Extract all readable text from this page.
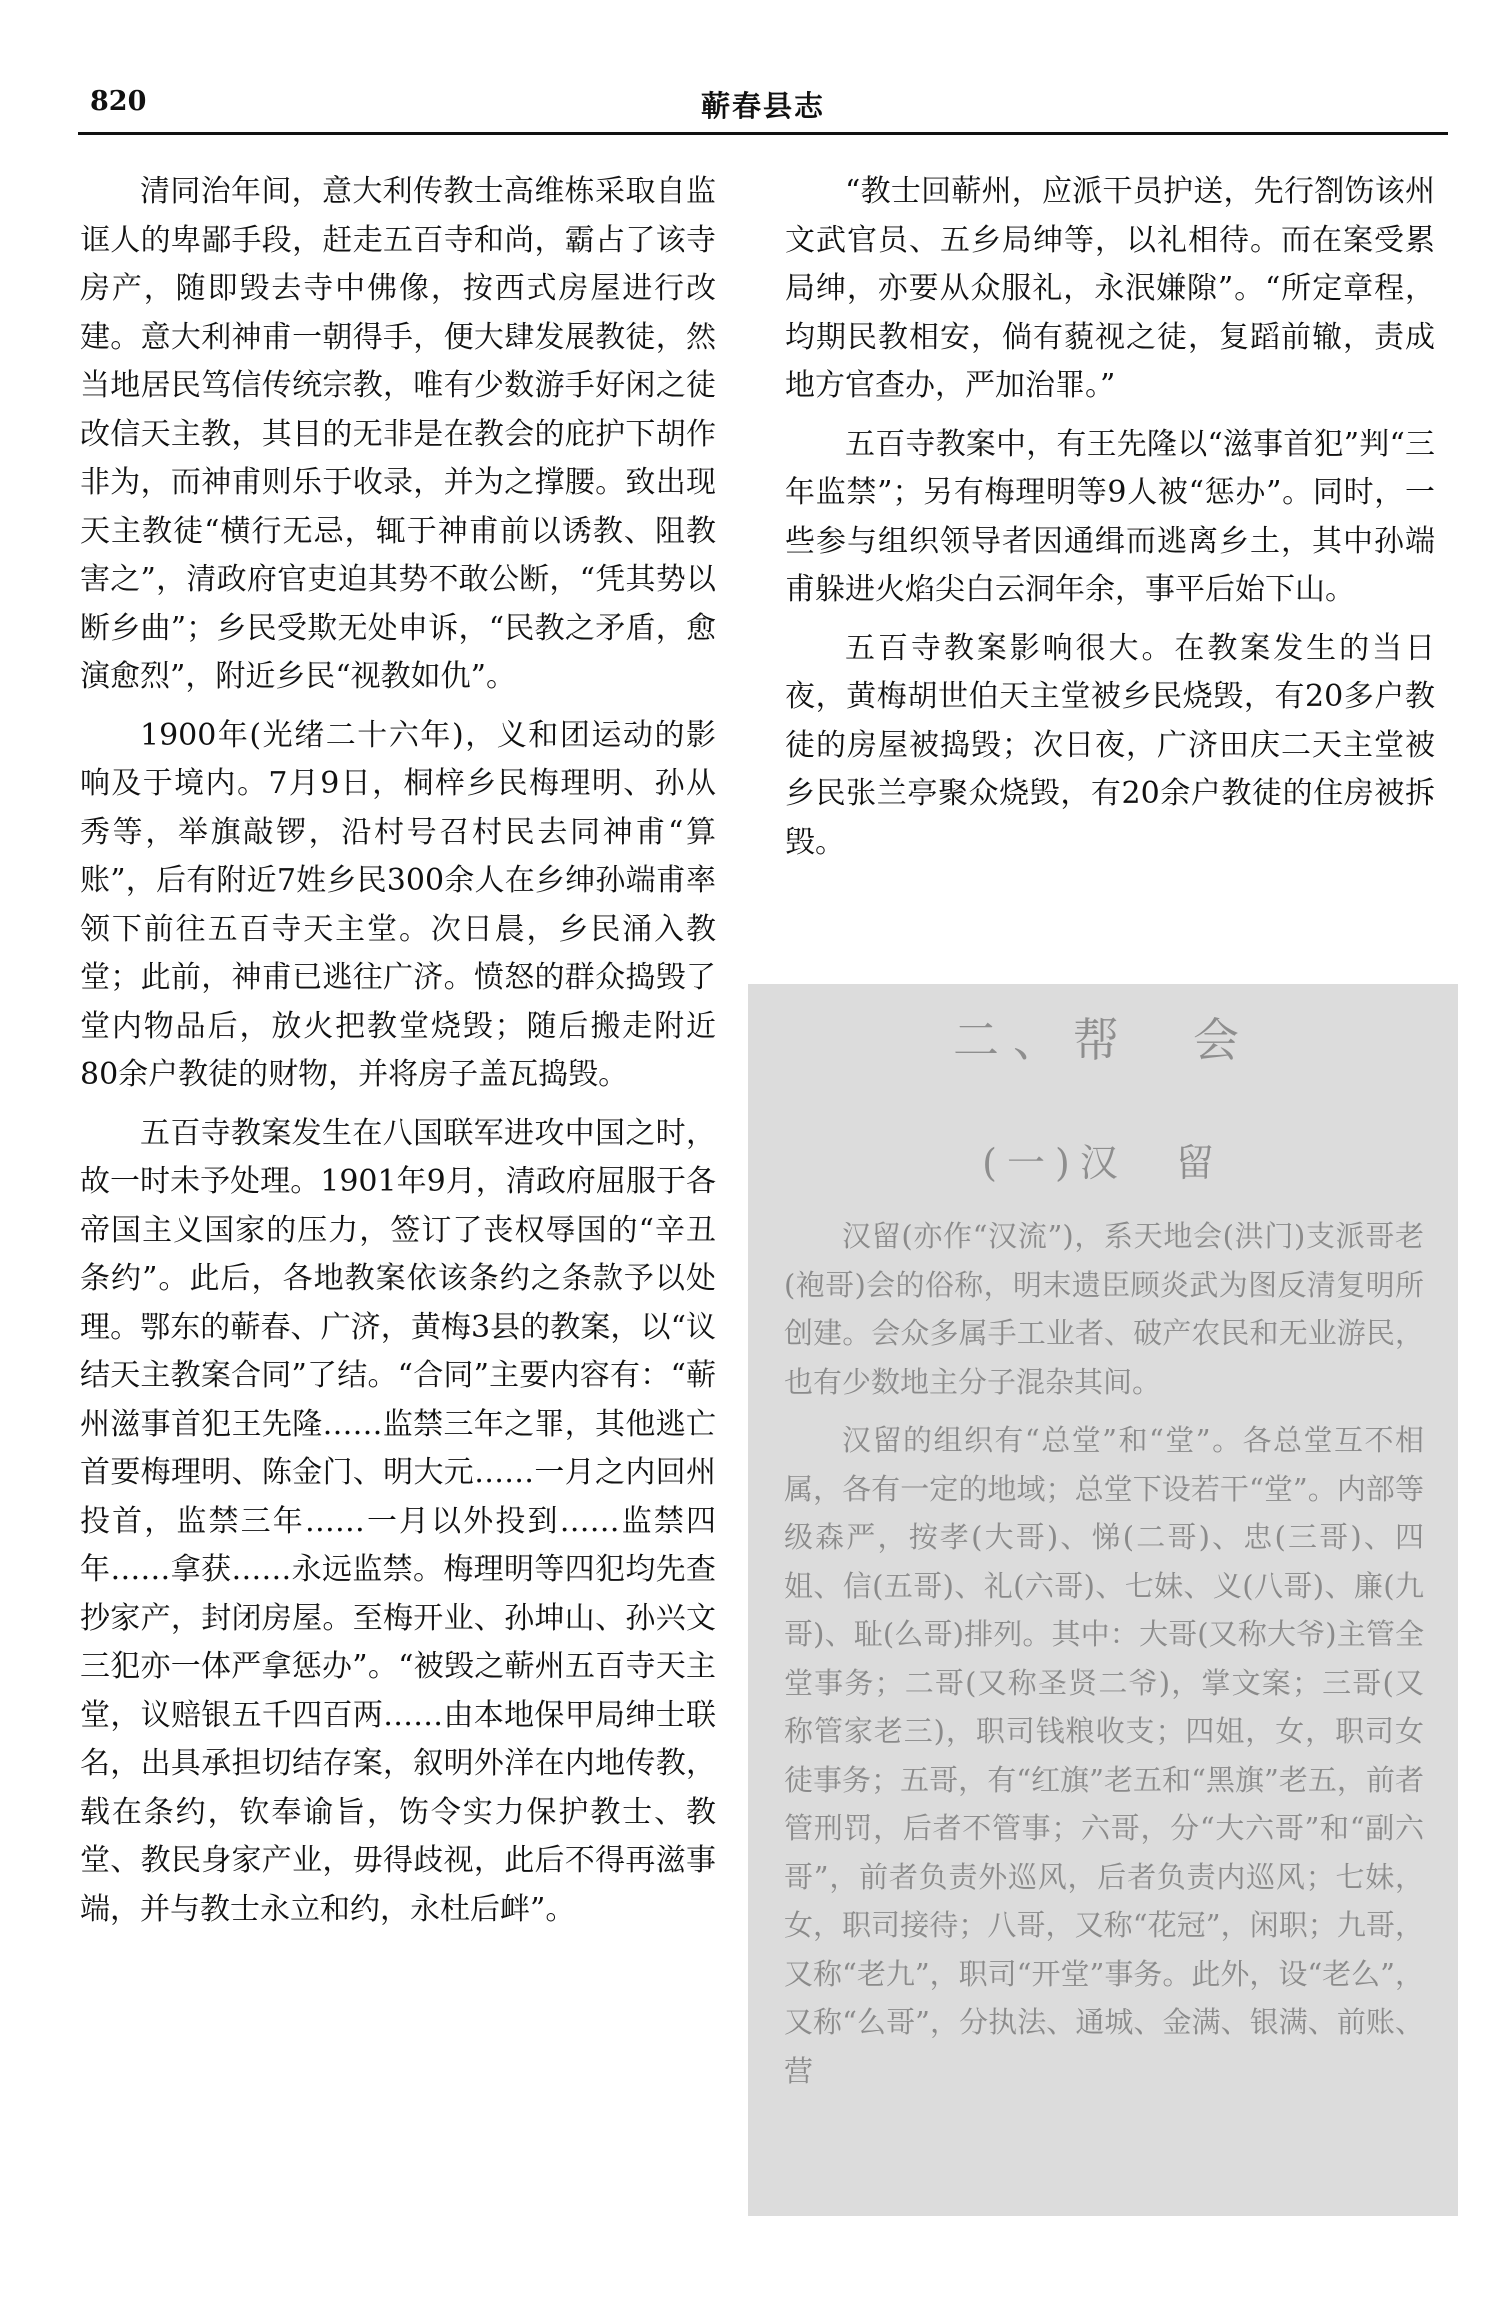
820	蕲春县志

清同治年间，意大利传教士高维栋采取自监诓人的卑鄙手段，赶走五百寺和尚，霸占了该寺房产，随即毁去寺中佛像，按西式房屋进行改建。意大利神甫一朝得手，便大肆发展教徒，然当地居民笃信传统宗教，唯有少数游手好闲之徒改信天主教，其目的无非是在教会的庇护下胡作非为，而神甫则乐于收录，并为之撑腰。致出现天主教徒“横行无忌，辄于神甫前以诱教、阻教害之”，清政府官吏迫其势不敢公断，“凭其势以断乡曲”；乡民受欺无处申诉，“民教之矛盾，愈演愈烈”，附近乡民“视教如仇”。

1900年(光绪二十六年)，义和团运动的影响及于境内。7月9日，桐梓乡民梅理明、孙从秀等，举旗敲锣，沿村号召村民去同神甫“算账”，后有附近7姓乡民300余人在乡绅孙端甫率领下前往五百寺天主堂。次日晨，乡民涌入教堂；此前，神甫已逃往广济。愤怒的群众捣毁了堂内物品后，放火把教堂烧毁；随后搬走附近80余户教徒的财物，并将房子盖瓦捣毁。

五百寺教案发生在八国联军进攻中国之时，故一时未予处理。1901年9月，清政府屈服于各帝国主义国家的压力，签订了丧权辱国的“辛丑条约”。此后，各地教案依该条约之条款予以处理。鄂东的蕲春、广济，黄梅3县的教案，以“议结天主教案合同”了结。“合同”主要内容有：“蕲州滋事首犯王先隆……监禁三年之罪，其他逃亡首要梅理明、陈金门、明大元……一月之内回州投首，监禁三年……一月以外投到……监禁四年……拿获……永远监禁。梅理明等四犯均先查抄家产，封闭房屋。至梅开业、孙坤山、孙兴文三犯亦一体严拿惩办”。“被毁之蕲州五百寺天主堂，议赔银五千四百两……由本地保甲局绅士联名，出具承担切结存案，叙明外洋在内地传教，载在条约，钦奉谕旨，饬令实力保护教士、教堂、教民身家产业，毋得歧视，此后不得再滋事端，并与教士永立和约，永杜后衅”。

“教士回蕲州，应派干员护送，先行劄饬该州文武官员、五乡局绅等，以礼相待。而在案受累局绅，亦要从众服礼，永泯嫌隙”。“所定章程，均期民教相安，倘有藐视之徒，复蹈前辙，责成地方官查办，严加治罪。”

五百寺教案中，有王先隆以“滋事首犯”判“三年监禁”；另有梅理明等9人被“惩办”。同时，一些参与组织领导者因通缉而逃离乡土，其中孙端甫躲进火焰尖白云洞年余，事平后始下山。

五百寺教案影响很大。在教案发生的当日夜，黄梅胡世伯天主堂被乡民烧毁，有20多户教徒的房屋被捣毁；次日夜，广济田庆二天主堂被乡民张兰亭聚众烧毁，有20余户教徒的住房被拆毁。

二、帮　会
(一)汉　留

汉留(亦作“汉流”)，系天地会(洪门)支派哥老(袍哥)会的俗称，明末遗臣顾炎武为图反清复明所创建。会众多属手工业者、破产农民和无业游民，也有少数地主分子混杂其间。

汉留的组织有“总堂”和“堂”。各总堂互不相属，各有一定的地域；总堂下设若干“堂”。内部等级森严，按孝(大哥)、悌(二哥)、忠(三哥)、四姐、信(五哥)、礼(六哥)、七妹、义(八哥)、廉(九哥)、耻(么哥)排列。其中：大哥(又称大爷)主管全堂事务；二哥(又称圣贤二爷)，掌文案；三哥(又称管家老三)，职司钱粮收支；四姐，女，职司女徒事务；五哥，有“红旗”老五和“黑旗”老五，前者管刑罚，后者不管事；六哥，分“大六哥”和“副六哥”，前者负责外巡风，后者负责内巡风；七妹，女，职司接待；八哥，又称“花冠”，闲职；九哥，又称“老九”，职司“开堂”事务。此外，设“老么”，又称“么哥”，分执法、通城、金满、银满、前账、营
